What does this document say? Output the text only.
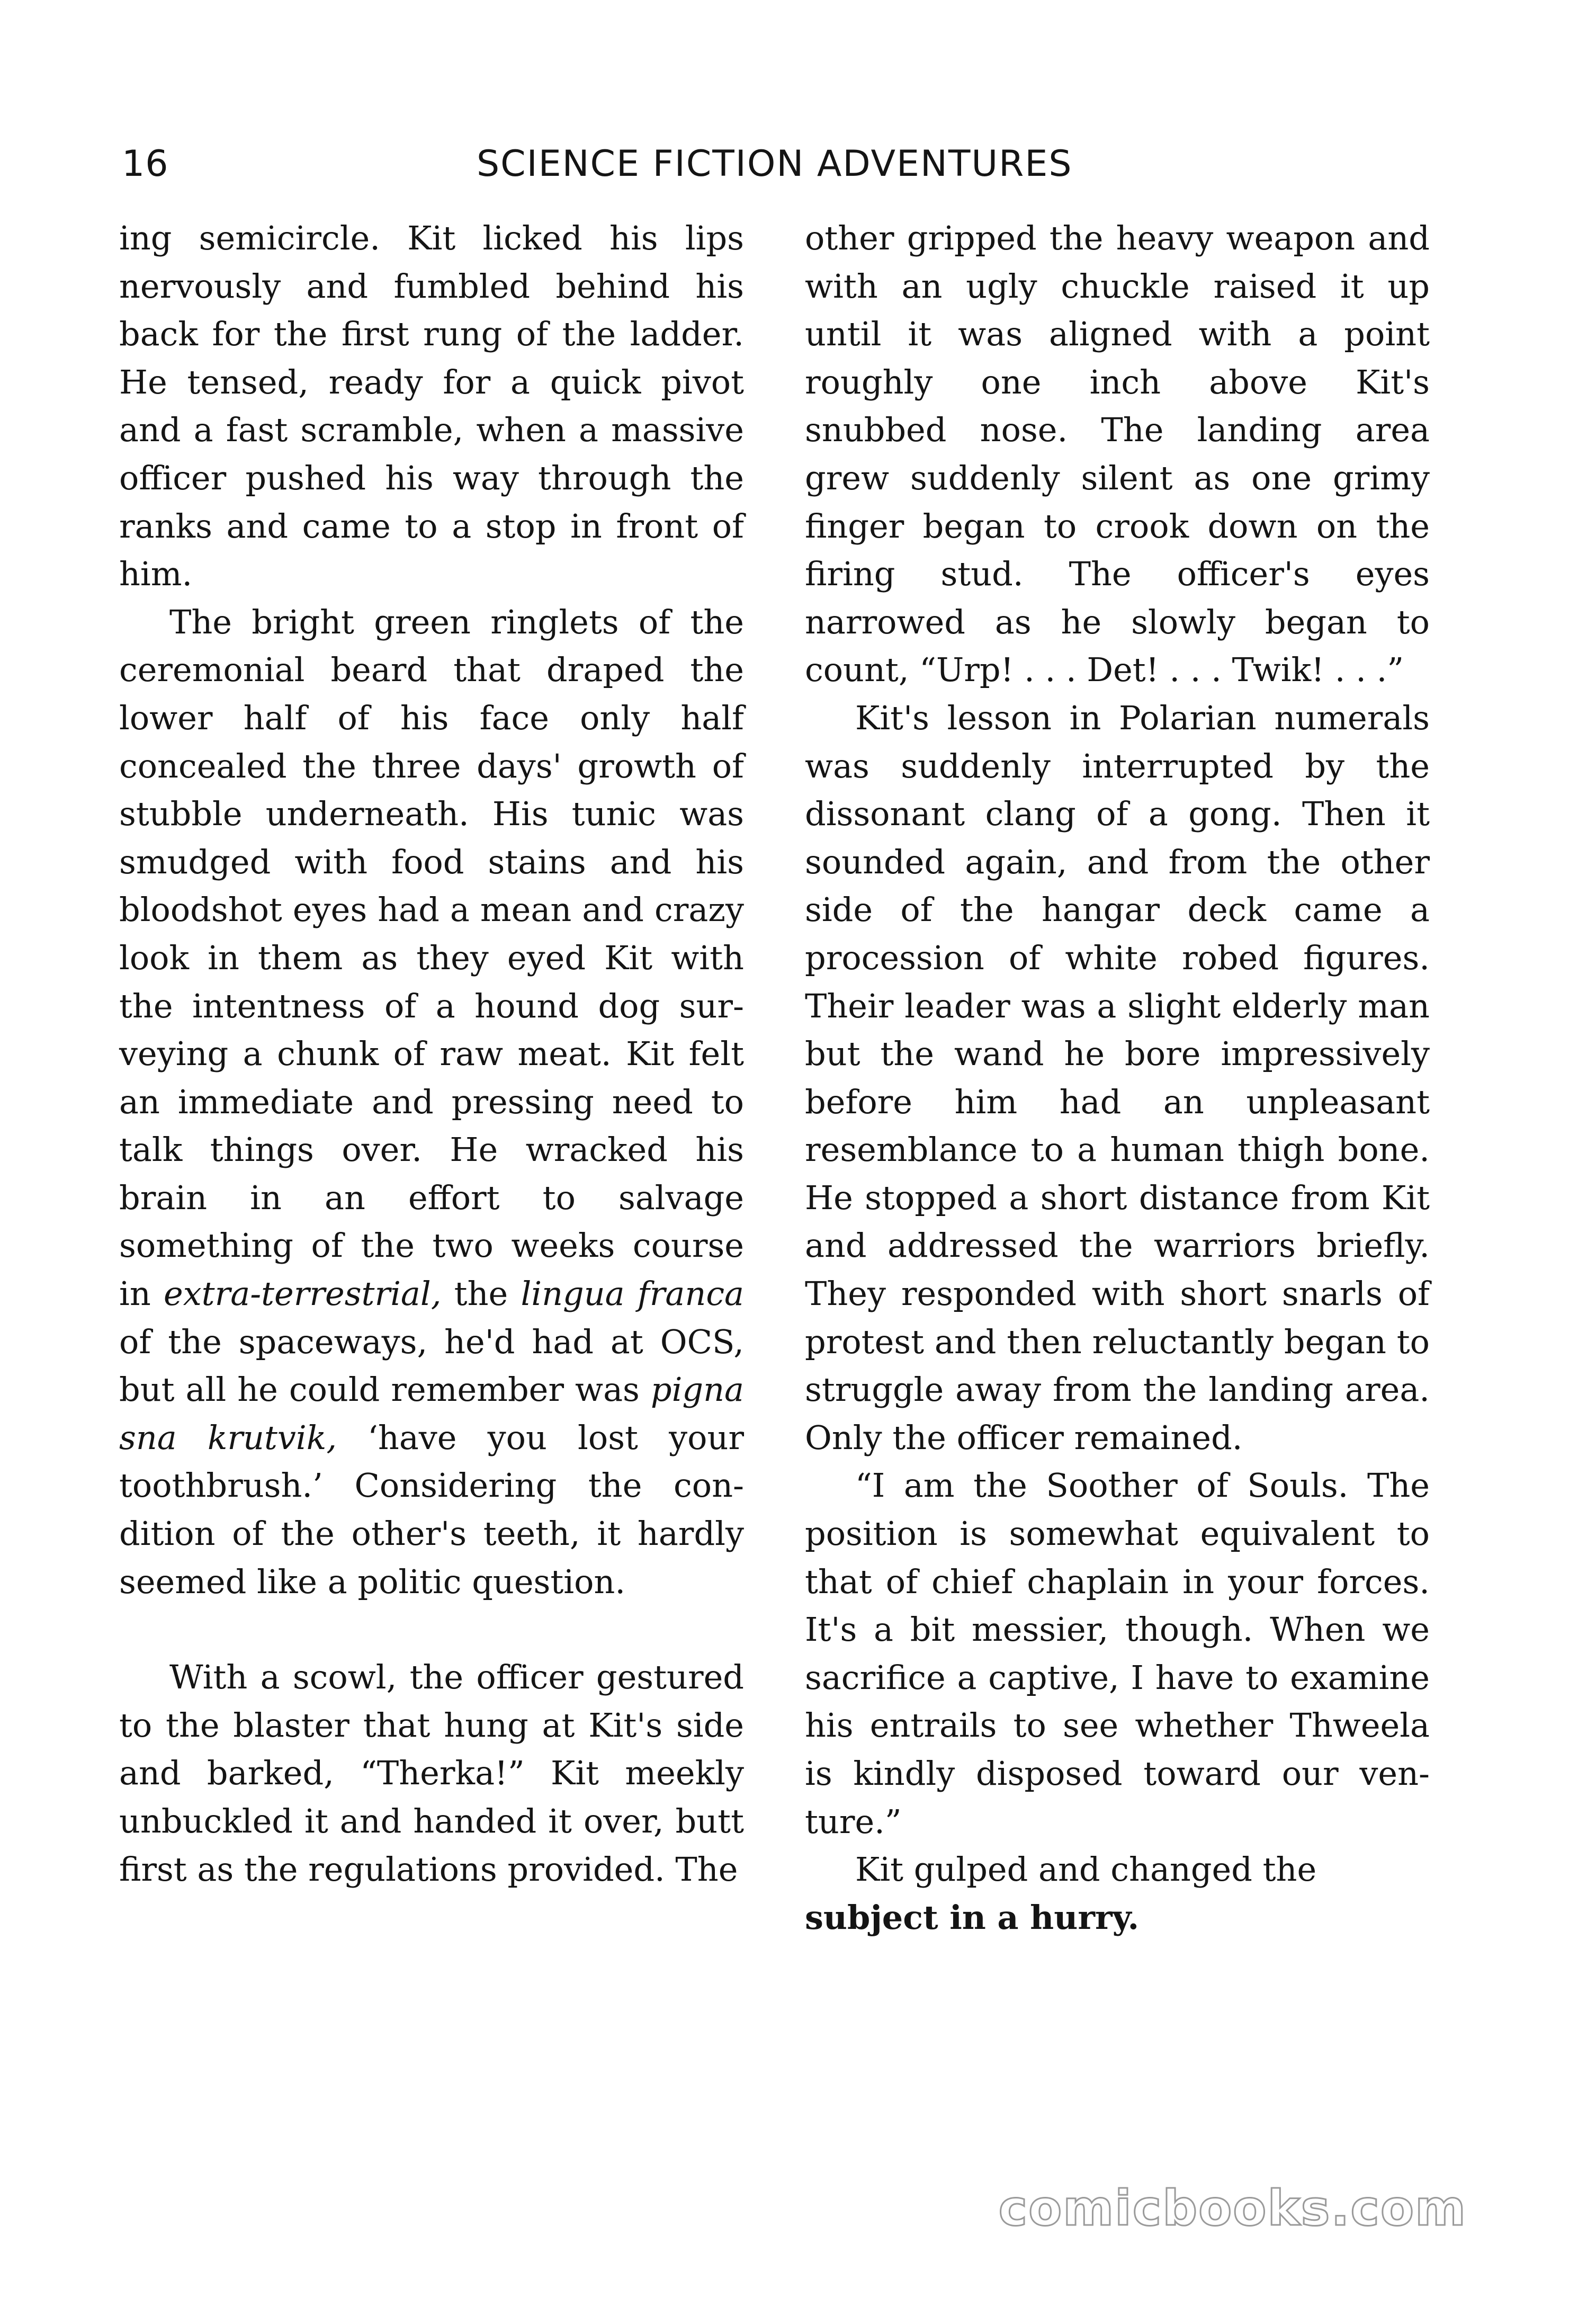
16	SCIENCE FICTION ADVENTURES

ing semicircle. Kit licked his lips nervously and fumbled behind his back for the first rung of the ladder. He tensed, ready for a quick pivot and a fast scramble, when a massive officer pushed his way through the ranks and came to a stop in front of him.

The bright green ringlets of the ceremonial beard that draped the lower half of his face only half concealed the three days' growth of stubble underneath. His tunic was smudged with food stains and his bloodshot eyes had a mean and crazy look in them as they eyed Kit with the intentness of a hound dog surveying a chunk of raw meat. Kit felt an immediate and pressing need to talk things over. He wracked his brain in an effort to salvage something of the two weeks course in extra-terrestrial, the lingua franca of the spaceways, he'd had at OCS, but all he could remember was pigna sna krutvik, ‘have you lost your toothbrush.’ Considering the condition of the other's teeth, it hardly seemed like a politic question.

With a scowl, the officer gestured to the blaster that hung at Kit's side and barked, “Therka!” Kit meekly unbuckled it and handed it over, butt first as the regulations provided. The

other gripped the heavy weapon and with an ugly chuckle raised it up until it was aligned with a point roughly one inch above Kit's snubbed nose. The landing area grew suddenly silent as one grimy finger began to crook down on the firing stud. The officer's eyes narrowed as he slowly began to count, “Urp! . . . Det! . . . Twik! . . .”

Kit's lesson in Polarian numerals was suddenly interrupted by the dissonant clang of a gong. Then it sounded again, and from the other side of the hangar deck came a procession of white robed figures. Their leader was a slight elderly man but the wand he bore impressively before him had an unpleasant resemblance to a human thigh bone. He stopped a short distance from Kit and addressed the warriors briefly. They responded with short snarls of protest and then reluctantly began to struggle away from the landing area. Only the officer remained.

“I am the Soother of Souls. The position is somewhat equivalent to that of chief chaplain in your forces. It's a bit messier, though. When we sacrifice a captive, I have to examine his entrails to see whether Thweela is kindly disposed toward our venture.”

Kit gulped and changed the
subject in a hurry.

comicbooks.com
